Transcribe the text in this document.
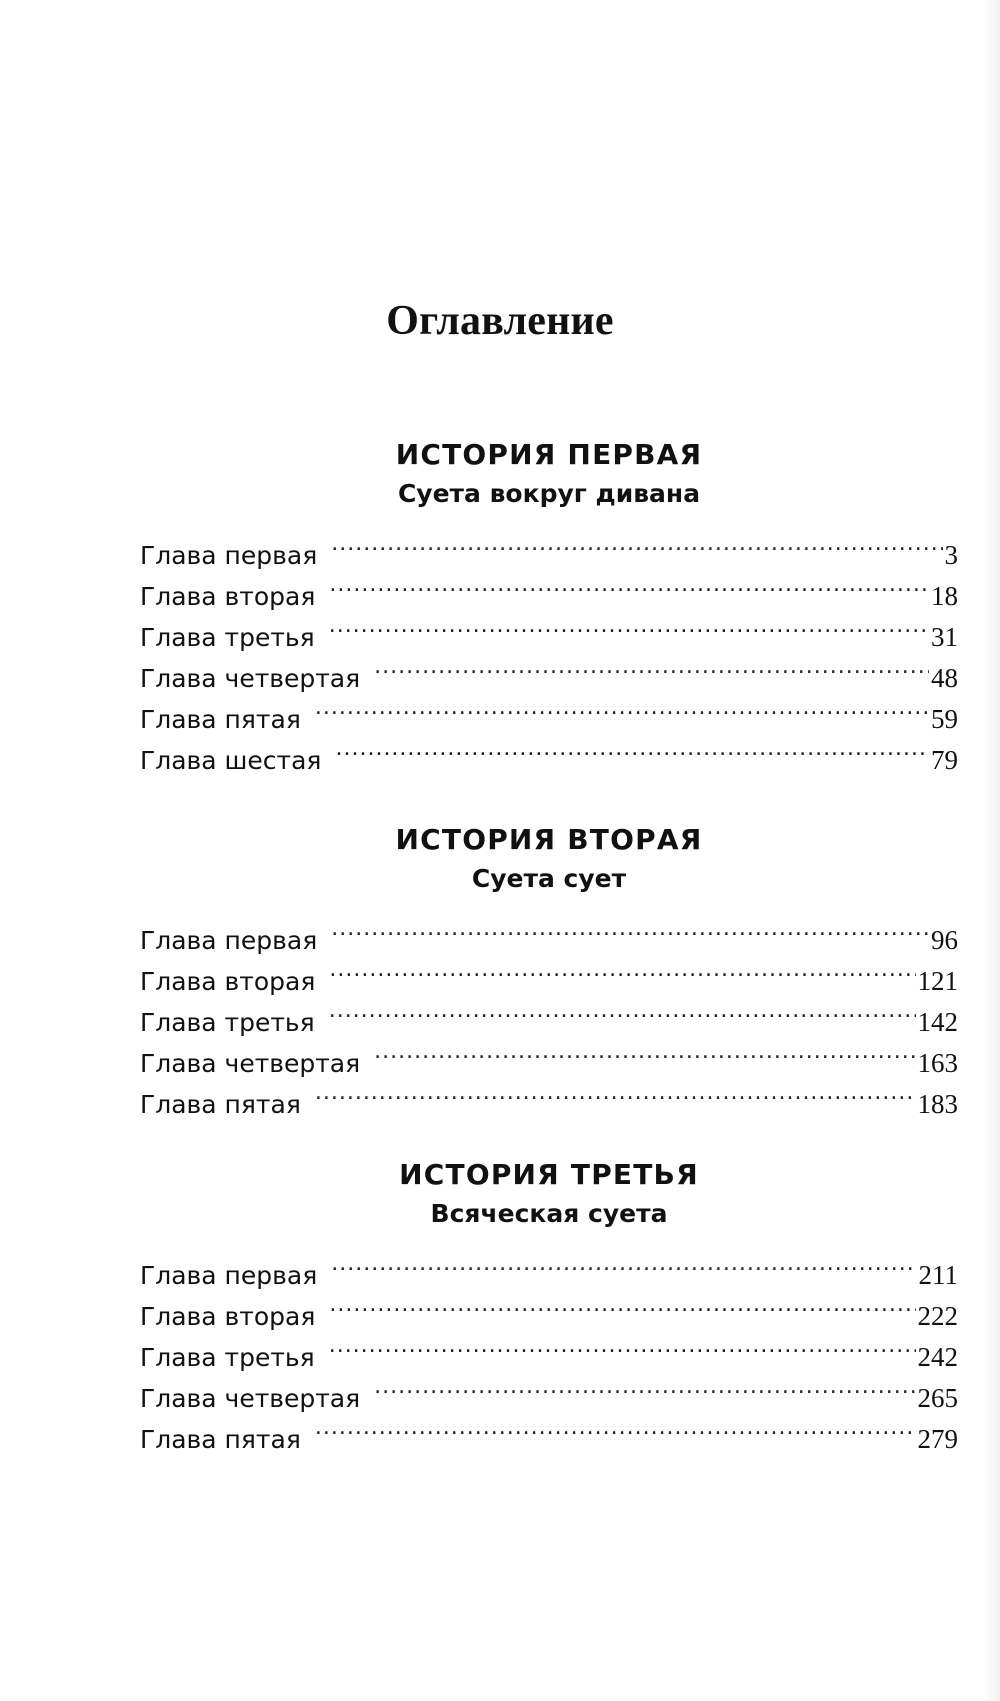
Оглавление
ИСТОРИЯ ПЕРВАЯ
Суета вокруг дивана
Глава первая .....	3
Глава вторая .....	18
Глава третья .....	31
Глава четвертая .....	48
Глава пятая .....	59
Глава шестая .....	79
ИСТОРИЯ ВТОРАЯ
Суета сует
Глава первая .....	96
Глава вторая .....	121
Глава третья .....	142
Глава четвертая .....	163
Глава пятая .....	183
ИСТОРИЯ ТРЕТЬЯ
Всяческая суета
Глава первая .....	211
Глава вторая .....	222
Глава третья .....	242
Глава четвертая .....	265
Глава пятая .....	279
